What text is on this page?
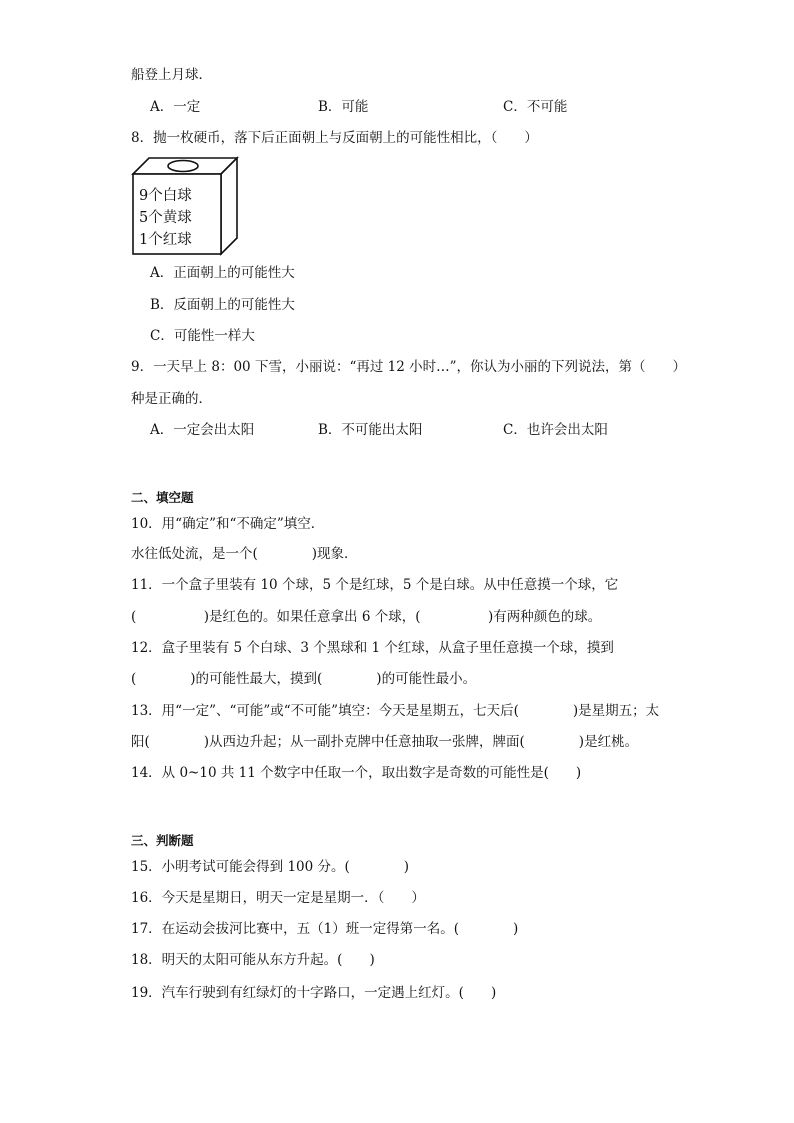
船登上月球．
A．一定	B．可能	C．不可能
8．抛一枚硬币，落下后正面朝上与反面朝上的可能性相比，（　　）
9个白球
5个黄球
1个红球
A．正面朝上的可能性大
B．反面朝上的可能性大
C．可能性一样大
9．一天早上 8：00 下雪，小丽说：“再过 12 小时…”，你认为小丽的下列说法，第（　　）
种是正确的．
A．一定会出太阳	B．不可能出太阳	C．也许会出太阳
二、填空题
10．用“确定”和“不确定”填空．
水往低处流，是一个(　　　　)现象．
11．一个盒子里装有 10 个球，5 个是红球，5 个是白球。从中任意摸一个球，它
(　　　　　)是红色的。如果任意拿出 6 个球，(　　　　　)有两种颜色的球。
12．盒子里装有 5 个白球、3 个黑球和 1 个红球，从盒子里任意摸一个球，摸到
(　　　　)的可能性最大，摸到(　　　　)的可能性最小。
13．用“一定”、“可能”或“不可能”填空：今天是星期五，七天后(　　　　)是星期五；太
阳(　　　　)从西边升起；从一副扑克牌中任意抽取一张牌，牌面(　　　　)是红桃。
14．从 0~10 共 11 个数字中任取一个，取出数字是奇数的可能性是(　　)
三、判断题
15．小明考试可能会得到 100 分。(　　　　)
16．今天是星期日，明天一定是星期一．（　　）
17．在运动会拔河比赛中，五（1）班一定得第一名。(　　　　)
18．明天的太阳可能从东方升起。(　　)
19．汽车行驶到有红绿灯的十字路口，一定遇上红灯。(　　)
